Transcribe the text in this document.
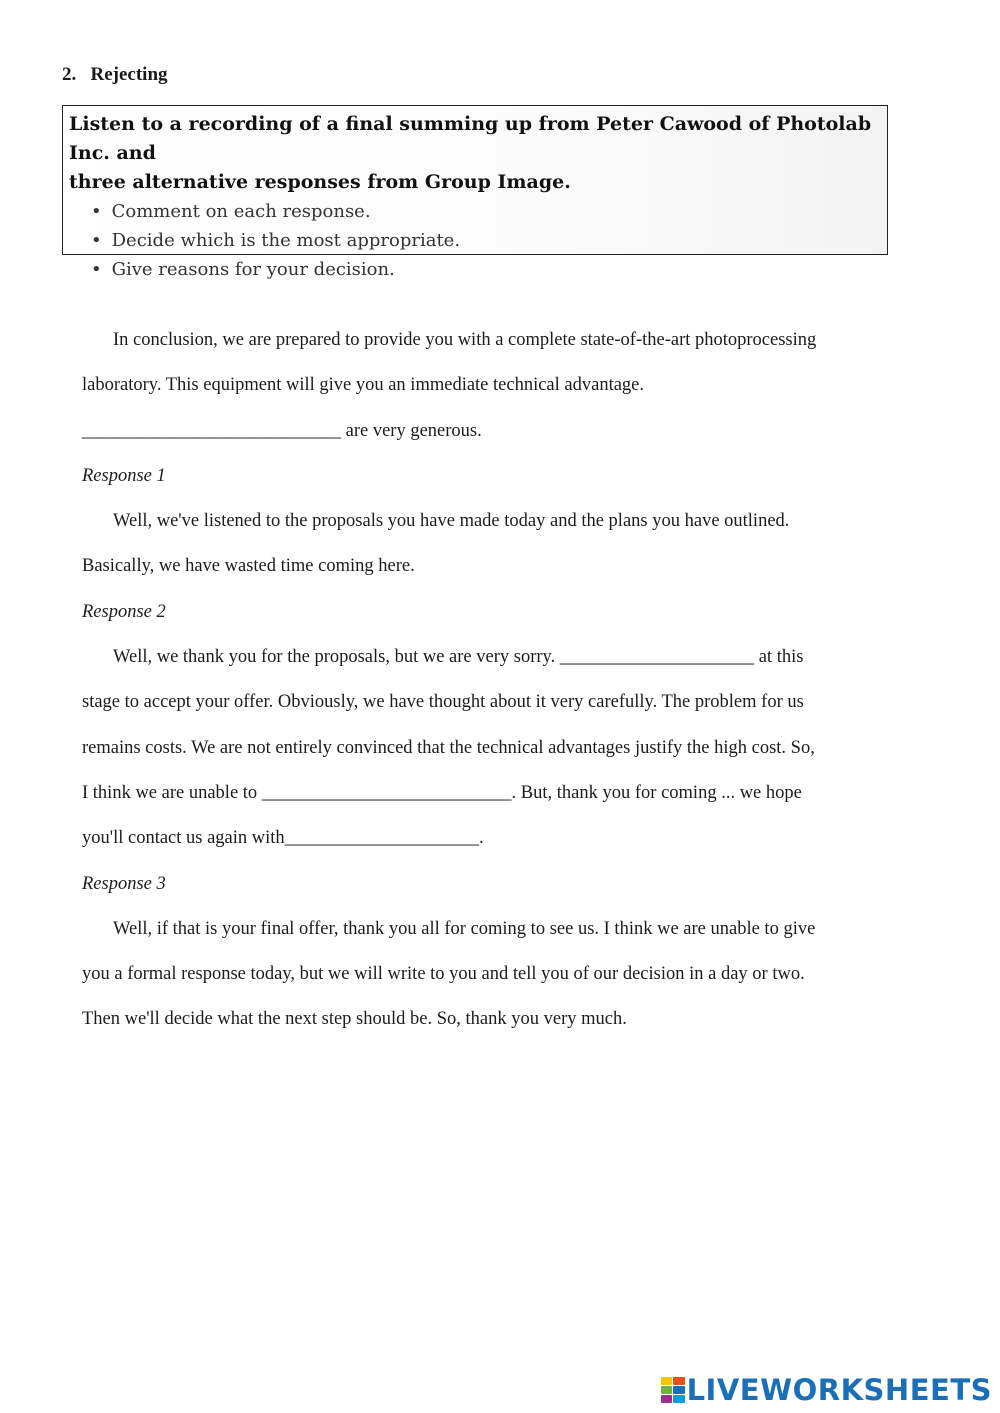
2. Rejecting
Listen to a recording of a final summing up from Peter Cawood of Photolab Inc. and
three alternative responses from Group Image.
• Comment on each response.
• Decide which is the most appropriate.
• Give reasons for your decision.

In conclusion, we are prepared to provide you with a complete state-of-the-art photoprocessing

laboratory. This equipment will give you an immediate technical advantage.

____________________________ are very generous.

Response 1

Well, we've listened to the proposals you have made today and the plans you have outlined.

Basically, we have wasted time coming here.

Response 2

Well, we thank you for the proposals, but we are very sorry. _____________________ at this

stage to accept your offer. Obviously, we have thought about it very carefully. The problem for us

remains costs. We are not entirely convinced that the technical advantages justify the high cost. So,

I think we are unable to ___________________________. But, thank you for coming ... we hope

you'll contact us again with_____________________.

Response 3

Well, if that is your final offer, thank you all for coming to see us. I think we are unable to give

you a formal response today, but we will write to you and tell you of our decision in a day or two.

Then we'll decide what the next step should be. So, thank you very much.

LIVEWORKSHEETS
